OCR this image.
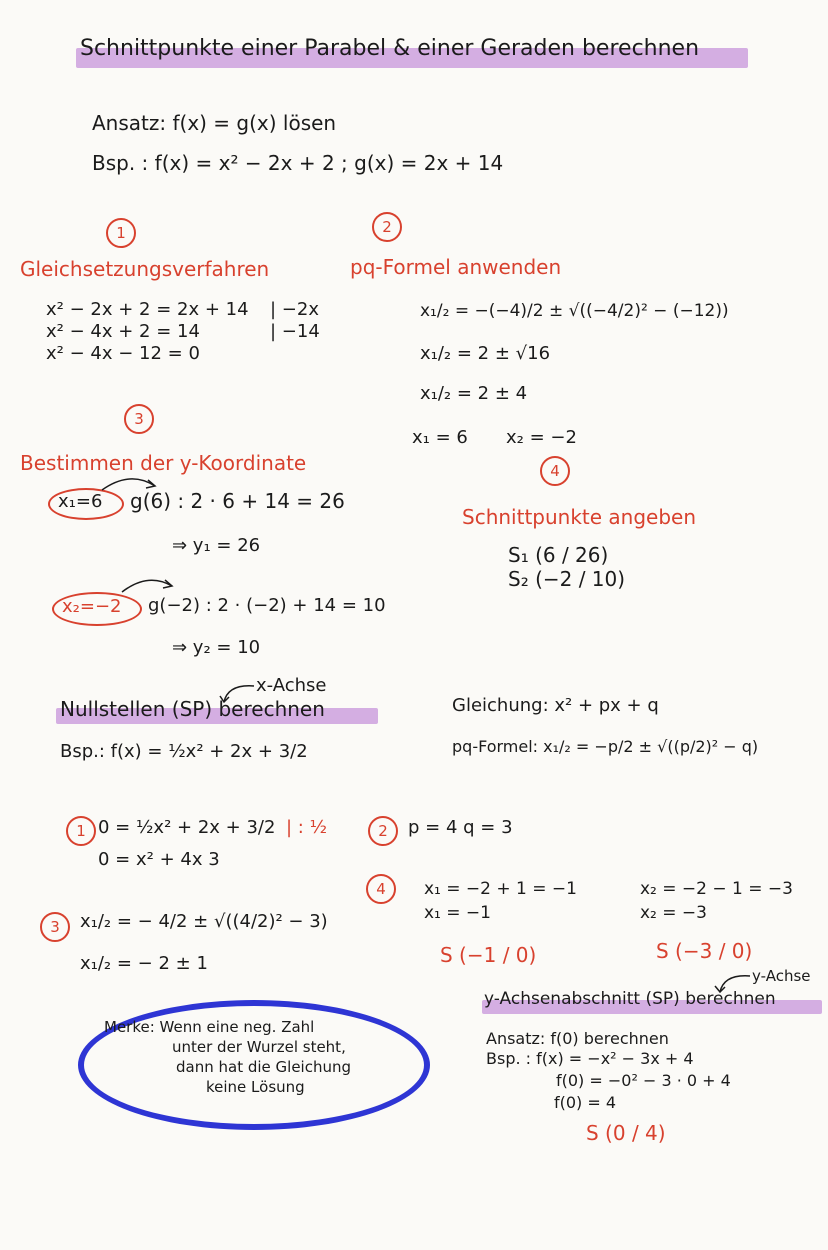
Schnittpunkte einer Parabel & einer Geraden berechnen
Ansatz: f(x) = g(x) lösen
Bsp. : f(x) = x² − 2x + 2 ; g(x) = 2x + 14
1	2
Gleichsetzungsverfahren
x² − 2x + 2 = 2x + 14 | −2x
x² − 4x + 2 = 14	| −14
x² − 4x − 12 = 0
pq-Formel anwenden
x₁/₂ = −(−4)/2 ± √((−4/2)² − (−12))
x₁/₂ = 2 ± √16
x₁/₂ = 2 ± 4
x₁ = 6 x₂ = −2
3
4
Bestimmen der y-Koordinate
x₁=6 g(6) : 2 · 6 + 14 = 26
⇒ y₁ = 26
x₂=−2 g(−2) : 2 · (−2) + 14 = 10
⇒ y₂ = 10
Schnittpunkte angeben
S₁ (6 / 26)
S₂ (−2 / 10)
x-Achse
Nullstellen (SP) berechnen
Bsp.: f(x) = ½x² + 2x + 3/2
1 0 = ½x² + 2x + 3/2 | : ½
0 = x² + 4x 3
2	p = 4 q = 3
3	x₁/₂ = − 4/2 ± √((4/2)² − 3)
x₁/₂ = − 2 ± 1
4	x₁ = −2 + 1 = −1
x₁ = −1
x₂ = −2 − 1 = −3
x₂ = −3
S (−1 / 0)	S (−3 / 0)
Gleichung: x² + px + q
pq-Formel: x₁/₂ = −p/2 ± √((p/2)² − q)
Merke: Wenn eine neg. Zahl
unter der Wurzel steht,
dann hat die Gleichung
keine Lösung
y-Achse
y-Achsenabschnitt (SP) berechnen
Ansatz: f(0) berechnen
Bsp. : f(x) = −x² − 3x + 4
f(0) = −0² − 3 · 0 + 4
f(0) = 4
S (0 / 4)
